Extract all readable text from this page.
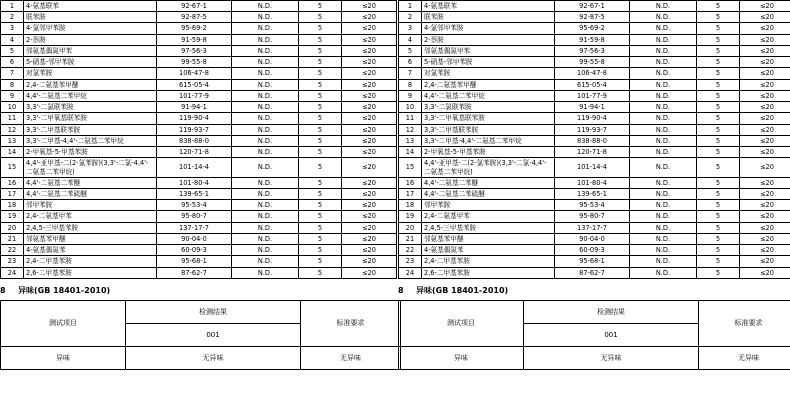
1	4-氨基联苯	92-67-1	N.D.	5	≤20
2	联苯胺	92-87-5	N.D.	5	≤20
3	4-氯邻甲苯胺	95-69-2	N.D.	5	≤20
4	2-萘胺	91-59-8	N.D.	5	≤20
5	邻氨基偶氮甲苯	97-56-3	N.D.	5	≤20
6	5-硝基-邻甲苯胺	99-55-8	N.D.	5	≤20
7	对氯苯胺	106-47-8	N.D.	5	≤20
8	2,4-二氨基苯甲醚	615-05-4	N.D.	5	≤20
9	4,4'-二氨基二苯甲烷	101-77-9	N.D.	5	≤20
10	3,3'-二氯联苯胺	91-94-1	N.D.	5	≤20
11	3,3'-二甲氧基联苯胺	119-90-4	N.D.	5	≤20
12	3,3'-二甲基联苯胺	119-93-7	N.D.	5	≤20
13	3,3'-二甲基-4,4'-二氨基二苯甲烷	838-88-0	N.D.	5	≤20
14	2-甲氧基-5-甲基苯胺	120-71-8	N.D.	5	≤20
15	4,4'-亚甲基-二(2-氯苯胺)(3,3'-二氯-4,4'-二氨基二苯甲烷)	101-14-4	N.D.	5	≤20
16	4,4'-二氨基二苯醚	101-80-4	N.D.	5	≤20
17	4,4'-二氨基二苯硫醚	139-65-1	N.D.	5	≤20
18	邻甲苯胺	95-53-4	N.D.	5	≤20
19	2,4-二氨基甲苯	95-80-7	N.D.	5	≤20
20	2,4,5-三甲基苯胺	137-17-7	N.D.	5	≤20
21	邻氨基苯甲醚	90-04-0	N.D.	5	≤20
22	4-氨基偶氮苯	60-09-3	N.D.	5	≤20
23	2,4-二甲基苯胺	95-68-1	N.D.	5	≤20
24	2,6-二甲基苯胺	87-62-7	N.D.	5	≤20
8	异味(GB 18401-2010)
测试项目	检测结果	标准要求
	001	
异味	无异味	无异味
1	4-氨基联苯	92-67-1	N.D.	5	≤20
2	联苯胺	92-87-5	N.D.	5	≤20
3	4-氯邻甲苯胺	95-69-2	N.D.	5	≤20
4	2-萘胺	91-59-8	N.D.	5	≤20
5	邻氨基偶氮甲苯	97-56-3	N.D.	5	≤20
6	5-硝基-邻甲苯胺	99-55-8	N.D.	5	≤20
7	对氯苯胺	106-47-8	N.D.	5	≤20
8	2,4-二氨基苯甲醚	615-05-4	N.D.	5	≤20
9	4,4'-二氨基二苯甲烷	101-77-9	N.D.	5	≤20
10	3,3'-二氯联苯胺	91-94-1	N.D.	5	≤20
11	3,3'-二甲氧基联苯胺	119-90-4	N.D.	5	≤20
12	3,3'-二甲基联苯胺	119-93-7	N.D.	5	≤20
13	3,3'-二甲基-4,4'-二氨基二苯甲烷	838-88-0	N.D.	5	≤20
14	2-甲氧基-5-甲基苯胺	120-71-8	N.D.	5	≤20
15	4,4'-亚甲基-二(2-氯苯胺)(3,3'-二氯-4,4'-二氨基二苯甲烷)	101-14-4	N.D.	5	≤20
16	4,4'-二氨基二苯醚	101-80-4	N.D.	5	≤20
17	4,4'-二氨基二苯硫醚	139-65-1	N.D.	5	≤20
18	邻甲苯胺	95-53-4	N.D.	5	≤20
19	2,4-二氨基甲苯	95-80-7	N.D.	5	≤20
20	2,4,5-三甲基苯胺	137-17-7	N.D.	5	≤20
21	邻氨基苯甲醚	90-04-0	N.D.	5	≤20
22	4-氨基偶氮苯	60-09-3	N.D.	5	≤20
23	2,4-二甲基苯胺	95-68-1	N.D.	5	≤20
24	2,6-二甲基苯胺	87-62-7	N.D.	5	≤20
8	异味(GB 18401-2010)
测试项目	检测结果	标准要求
	001	
异味	无异味	无异味
